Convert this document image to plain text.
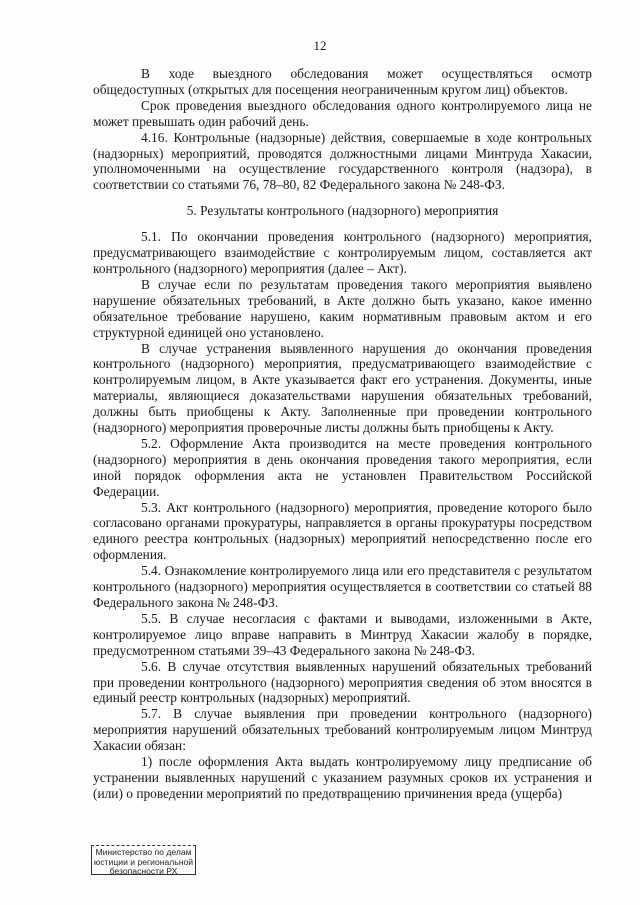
12

В ходе выездного обследования может осуществляться осмотр общедоступных (открытых для посещения неограниченным кругом лиц) объектов.

Срок проведения выездного обследования одного контролируемого лица не может превышать один рабочий день.

4.16. Контрольные (надзорные) действия, совершаемые в ходе контрольных (надзорных) мероприятий, проводятся должностными лицами Минтруда Хакасии, уполномоченными на осуществление государственного контроля (надзора), в соответствии со статьями 76, 78–80, 82 Федерального закона № 248-ФЗ.

5. Результаты контрольного (надзорного) мероприятия

5.1. По окончании проведения контрольного (надзорного) мероприятия, предусматривающего взаимодействие с контролируемым лицом, составляется акт контрольного (надзорного) мероприятия (далее – Акт).

В случае если по результатам проведения такого мероприятия выявлено нарушение обязательных требований, в Акте должно быть указано, какое именно обязательное требование нарушено, каким нормативным правовым актом и его структурной единицей оно установлено.

В случае устранения выявленного нарушения до окончания проведения контрольного (надзорного) мероприятия, предусматривающего взаимодействие с контролируемым лицом, в Акте указывается факт его устранения. Документы, иные материалы, являющиеся доказательствами нарушения обязательных требований, должны быть приобщены к Акту. Заполненные при проведении контрольного (надзорного) мероприятия проверочные листы должны быть приобщены к Акту.

5.2. Оформление Акта производится на месте проведения контрольного (надзорного) мероприятия в день окончания проведения такого мероприятия, если иной порядок оформления акта не установлен Правительством Российской Федерации.

5.3. Акт контрольного (надзорного) мероприятия, проведение которого было согласовано органами прокуратуры, направляется в органы прокуратуры посредством единого реестра контрольных (надзорных) мероприятий непосредственно после его оформления.

5.4. Ознакомление контролируемого лица или его представителя с результатом контрольного (надзорного) мероприятия осуществляется в соответствии со статьей 88 Федерального закона № 248-ФЗ.

5.5. В случае несогласия с фактами и выводами, изложенными в Акте, контролируемое лицо вправе направить в Минтруд Хакасии жалобу в порядке, предусмотренном статьями 39–43 Федерального закона № 248-ФЗ.

5.6. В случае отсутствия выявленных нарушений обязательных требований при проведении контрольного (надзорного) мероприятия сведения об этом вносятся в единый реестр контрольных (надзорных) мероприятий.

5.7. В случае выявления при проведении контрольного (надзорного) мероприятия нарушений обязательных требований контролируемым лицом Минтруд Хакасии обязан:

1) после оформления Акта выдать контролируемому лицу предписание об устранении выявленных нарушений с указанием разумных сроков их устранения и (или) о проведении мероприятий по предотвращению причинения вреда (ущерба)

Министерство по делам
юстиции и региональной
безопасности РХ
